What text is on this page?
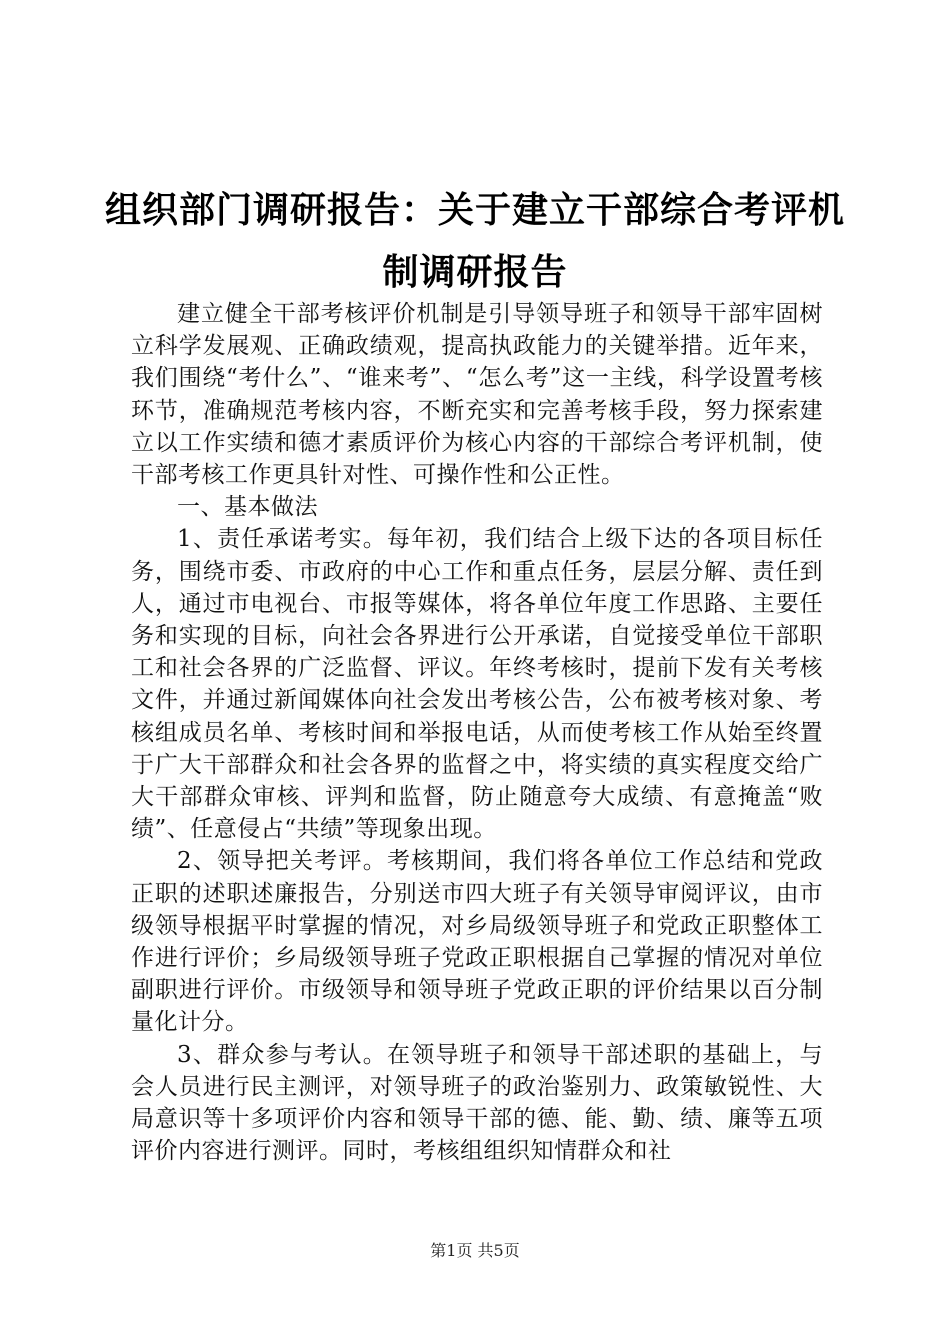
组织部门调研报告：关于建立干部综合考评机制调研报告

建立健全干部考核评价机制是引导领导班子和领导干部牢固树立科学发展观、正确政绩观，提高执政能力的关键举措。近年来，我们围绕“考什么”、“谁来考”、“怎么考”这一主线，科学设置考核环节，准确规范考核内容，不断充实和完善考核手段，努力探索建立以工作实绩和德才素质评价为核心内容的干部综合考评机制，使干部考核工作更具针对性、可操作性和公正性。

一、基本做法

1、责任承诺考实。每年初，我们结合上级下达的各项目标任务，围绕市委、市政府的中心工作和重点任务，层层分解、责任到人，通过市电视台、市报等媒体，将各单位年度工作思路、主要任务和实现的目标，向社会各界进行公开承诺，自觉接受单位干部职工和社会各界的广泛监督、评议。年终考核时，提前下发有关考核文件，并通过新闻媒体向社会发出考核公告，公布被考核对象、考核组成员名单、考核时间和举报电话，从而使考核工作从始至终置于广大干部群众和社会各界的监督之中，将实绩的真实程度交给广大干部群众审核、评判和监督，防止随意夸大成绩、有意掩盖“败绩”、任意侵占“共绩”等现象出现。

2、领导把关考评。考核期间，我们将各单位工作总结和党政正职的述职述廉报告，分别送市四大班子有关领导审阅评议，由市级领导根据平时掌握的情况，对乡局级领导班子和党政正职整体工作进行评价；乡局级领导班子党政正职根据自己掌握的情况对单位副职进行评价。市级领导和领导班子党政正职的评价结果以百分制量化计分。

3、群众参与考认。在领导班子和领导干部述职的基础上，与会人员进行民主测评，对领导班子的政治鉴别力、政策敏锐性、大局意识等十多项评价内容和领导干部的德、能、勤、绩、廉等五项评价内容进行测评。同时，考核组组织知情群众和社

第1页 共5页
